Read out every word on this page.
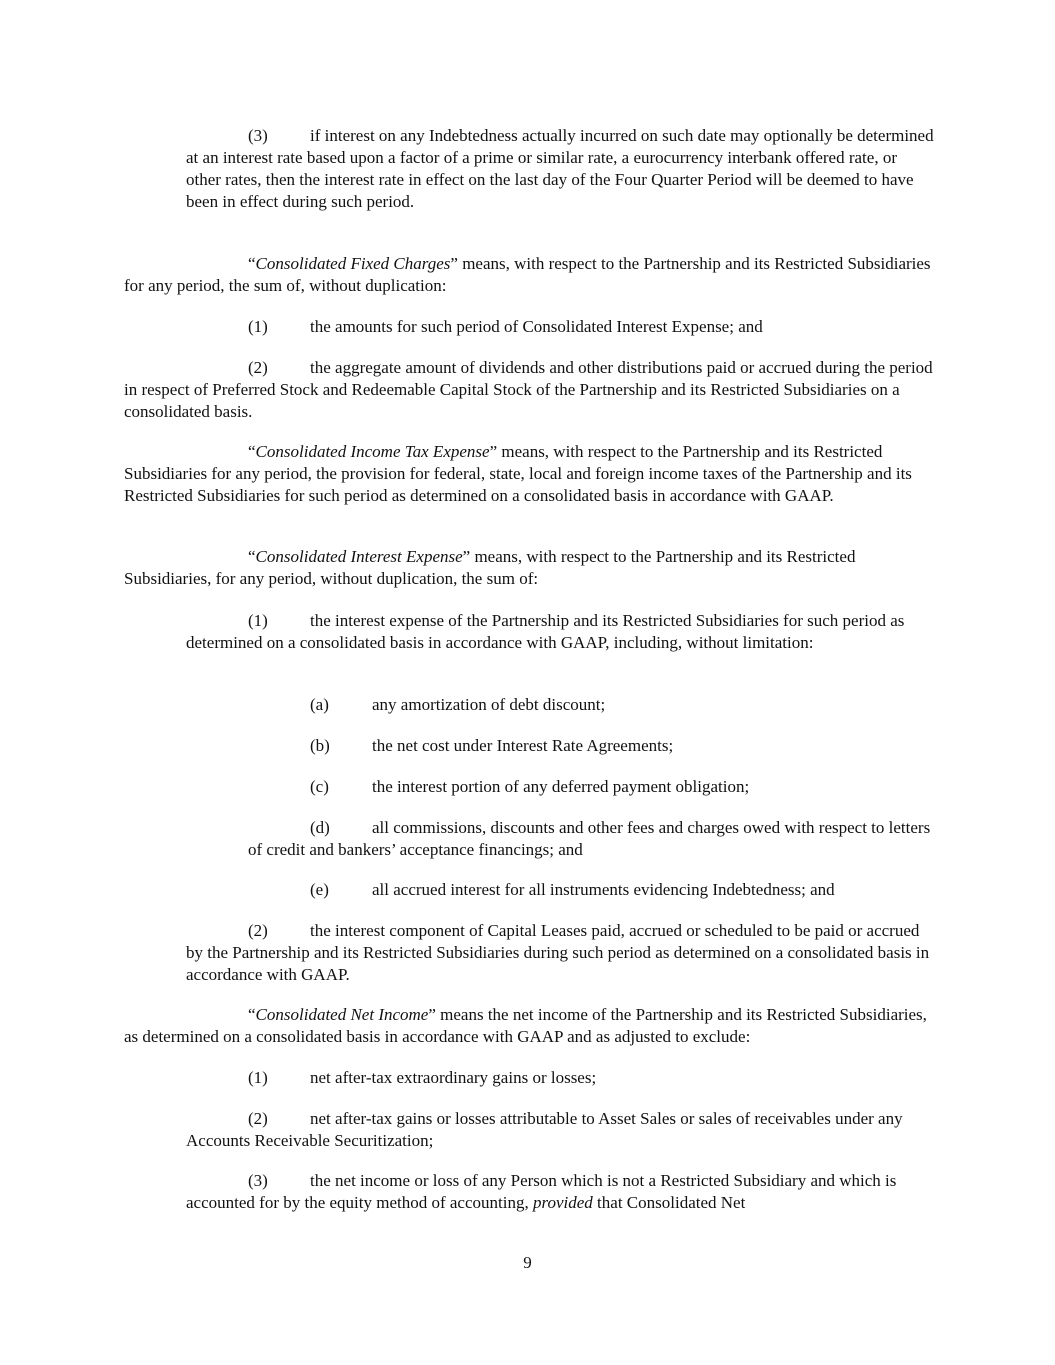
(3) if interest on any Indebtedness actually incurred on such date may optionally be determined at an interest rate based upon a factor of a prime or similar rate, a eurocurrency interbank offered rate, or other rates, then the interest rate in effect on the last day of the Four Quarter Period will be deemed to have been in effect during such period.

“Consolidated Fixed Charges” means, with respect to the Partnership and its Restricted Subsidiaries for any period, the sum of, without duplication:

(1) the amounts for such period of Consolidated Interest Expense; and

(2) the aggregate amount of dividends and other distributions paid or accrued during the period in respect of Preferred Stock and Redeemable Capital Stock of the Partnership and its Restricted Subsidiaries on a consolidated basis.

“Consolidated Income Tax Expense” means, with respect to the Partnership and its Restricted Subsidiaries for any period, the provision for federal, state, local and foreign income taxes of the Partnership and its Restricted Subsidiaries for such period as determined on a consolidated basis in accordance with GAAP.

“Consolidated Interest Expense” means, with respect to the Partnership and its Restricted Subsidiaries, for any period, without duplication, the sum of:

(1) the interest expense of the Partnership and its Restricted Subsidiaries for such period as determined on a consolidated basis in accordance with GAAP, including, without limitation:

(a)	any amortization of debt discount;

(b) the net cost under Interest Rate Agreements;

(c)	the interest portion of any deferred payment obligation;

(d) all commissions, discounts and other fees and charges owed with respect to letters of credit and bankers’ acceptance financings; and

(e)	all accrued interest for all instruments evidencing Indebtedness; and

(2) the interest component of Capital Leases paid, accrued or scheduled to be paid or accrued by the Partnership and its Restricted Subsidiaries during such period as determined on a consolidated basis in accordance with GAAP.

“Consolidated Net Income” means the net income of the Partnership and its Restricted Subsidiaries, as determined on a consolidated basis in accordance with GAAP and as adjusted to exclude:

(1) net after-tax extraordinary gains or losses;

(2) net after-tax gains or losses attributable to Asset Sales or sales of receivables under any Accounts Receivable Securitization;

(3) the net income or loss of any Person which is not a Restricted Subsidiary and which is accounted for by the equity method of accounting, provided that Consolidated Net

9
